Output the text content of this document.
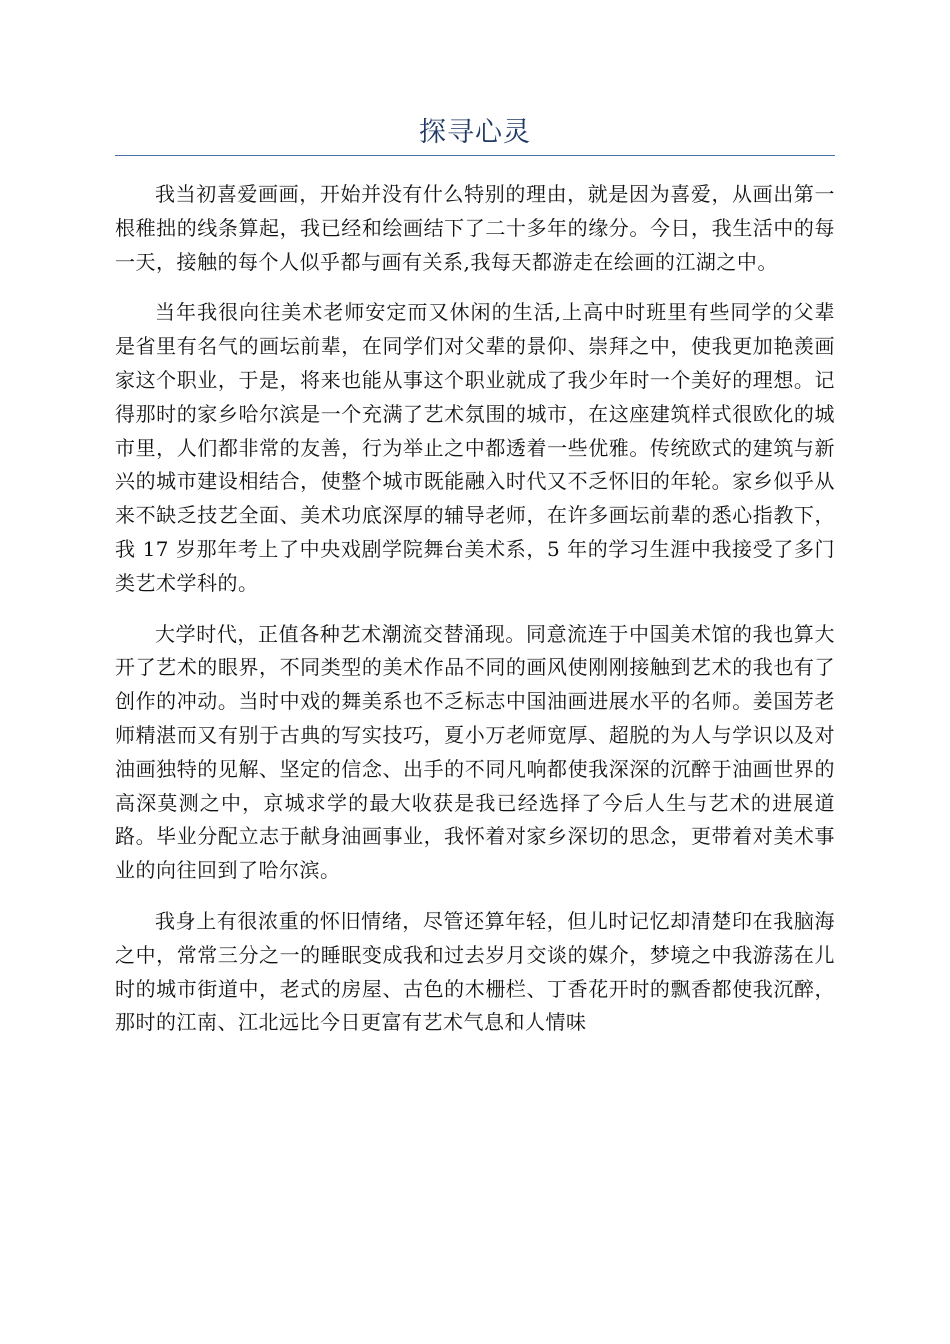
探寻心灵

我当初喜爱画画，开始并没有什么特别的理由，就是因为喜爱，从画出第一根稚拙的线条算起，我已经和绘画结下了二十多年的缘分。今日，我生活中的每一天，接触的每个人似乎都与画有关系,我每天都游走在绘画的江湖之中。

当年我很向往美术老师安定而又休闲的生活,上高中时班里有些同学的父辈是省里有名气的画坛前辈，在同学们对父辈的景仰、崇拜之中，使我更加艳羡画家这个职业，于是，将来也能从事这个职业就成了我少年时一个美好的理想。记得那时的家乡哈尔滨是一个充满了艺术氛围的城市，在这座建筑样式很欧化的城市里，人们都非常的友善，行为举止之中都透着一些优雅。传统欧式的建筑与新兴的城市建设相结合，使整个城市既能融入时代又不乏怀旧的年轮。家乡似乎从来不缺乏技艺全面、美术功底深厚的辅导老师，在许多画坛前辈的悉心指教下，我 17 岁那年考上了中央戏剧学院舞台美术系，5 年的学习生涯中我接受了多门类艺术学科的。

大学时代，正值各种艺术潮流交替涌现。同意流连于中国美术馆的我也算大开了艺术的眼界，不同类型的美术作品不同的画风使刚刚接触到艺术的我也有了创作的冲动。当时中戏的舞美系也不乏标志中国油画进展水平的名师。姜国芳老师精湛而又有别于古典的写实技巧，夏小万老师宽厚、超脱的为人与学识以及对油画独特的见解、坚定的信念、出手的不同凡响都使我深深的沉醉于油画世界的高深莫测之中，京城求学的最大收获是我已经选择了今后人生与艺术的进展道路。毕业分配立志于献身油画事业，我怀着对家乡深切的思念，更带着对美术事业的向往回到了哈尔滨。

我身上有很浓重的怀旧情绪，尽管还算年轻，但儿时记忆却清楚印在我脑海之中，常常三分之一的睡眠变成我和过去岁月交谈的媒介，梦境之中我游荡在儿时的城市街道中，老式的房屋、古色的木栅栏、丁香花开时的飘香都使我沉醉，那时的江南、江北远比今日更富有艺术气息和人情味
